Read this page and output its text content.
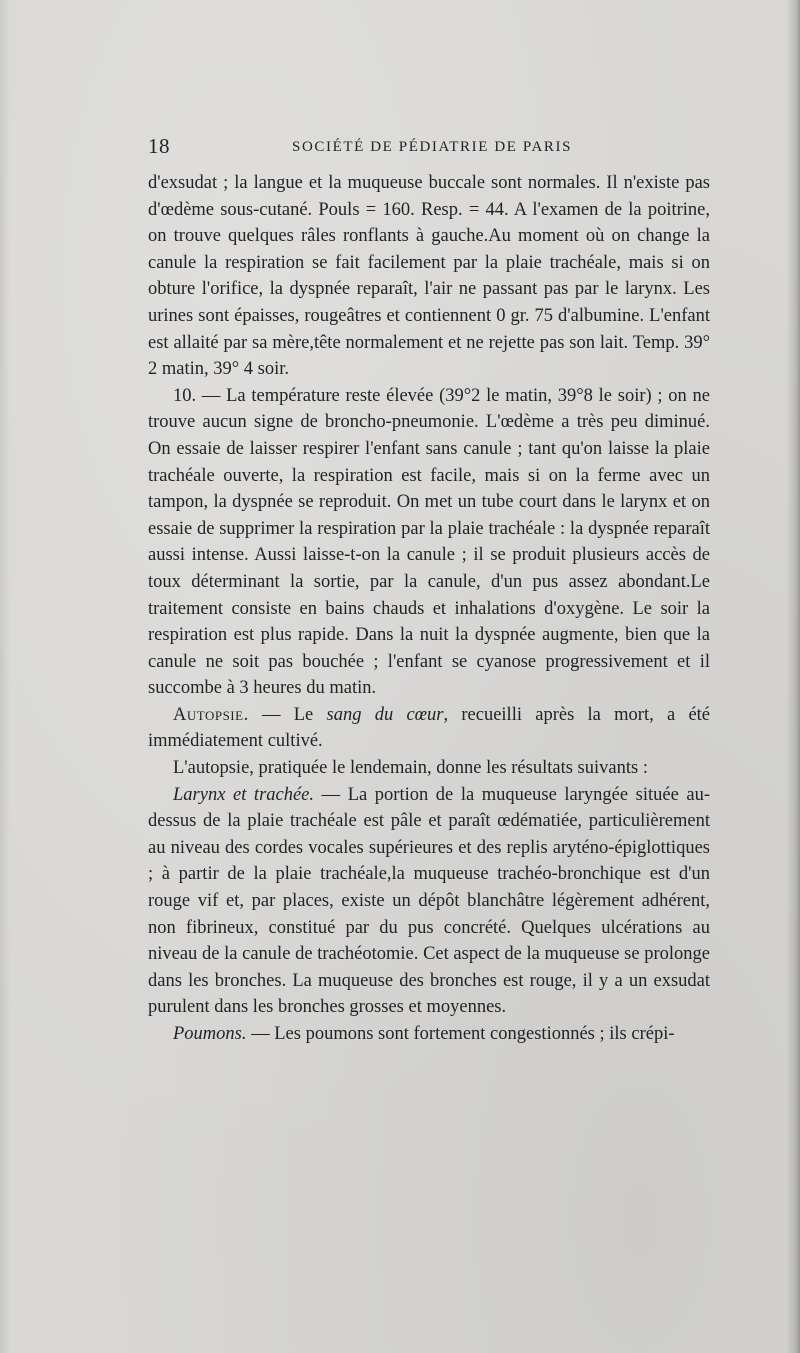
18	SOCIÉTÉ DE PÉDIATRIE DE PARIS

d'exsudat ; la langue et la muqueuse buccale sont normales. Il n'existe pas d'œdème sous-cutané. Pouls = 160. Resp. = 44. A l'examen de la poitrine, on trouve quelques râles ronflants à gauche.Au moment où on change la canule la respiration se fait facilement par la plaie trachéale, mais si on obture l'orifice, la dyspnée reparaît, l'air ne passant pas par le larynx. Les urines sont épaisses, rougeâtres et contiennent 0 gr. 75 d'albumine. L'enfant est allaité par sa mère,tête normalement et ne rejette pas son lait. Temp. 39° 2 matin, 39° 4 soir.

10. — La température reste élevée (39°2 le matin, 39°8 le soir) ; on ne trouve aucun signe de broncho-pneumonie. L'œdème a très peu diminué. On essaie de laisser respirer l'enfant sans canule ; tant qu'on laisse la plaie trachéale ouverte, la respiration est facile, mais si on la ferme avec un tampon, la dyspnée se reproduit. On met un tube court dans le larynx et on essaie de supprimer la respiration par la plaie trachéale : la dyspnée reparaît aussi intense. Aussi laisse-t-on la canule ; il se produit plusieurs accès de toux déterminant la sortie, par la canule, d'un pus assez abondant.Le traitement consiste en bains chauds et inhalations d'oxygène. Le soir la respiration est plus rapide. Dans la nuit la dyspnée augmente, bien que la canule ne soit pas bouchée ; l'enfant se cyanose progressivement et il succombe à 3 heures du matin.

Autopsie. — Le sang du cœur, recueilli après la mort, a été immédiatement cultivé.

L'autopsie, pratiquée le lendemain, donne les résultats suivants :

Larynx et trachée. — La portion de la muqueuse laryngée située au-dessus de la plaie trachéale est pâle et paraît œdématiée, particulièrement au niveau des cordes vocales supérieures et des replis aryténo-épiglottiques ; à partir de la plaie trachéale,la muqueuse trachéo-bronchique est d'un rouge vif et, par places, existe un dépôt blanchâtre légèrement adhérent, non fibrineux, constitué par du pus concrété. Quelques ulcérations au niveau de la canule de trachéotomie. Cet aspect de la muqueuse se prolonge dans les bronches. La muqueuse des bronches est rouge, il y a un exsudat purulent dans les bronches grosses et moyennes.

Poumons. — Les poumons sont fortement congestionnés ; ils crépi-
